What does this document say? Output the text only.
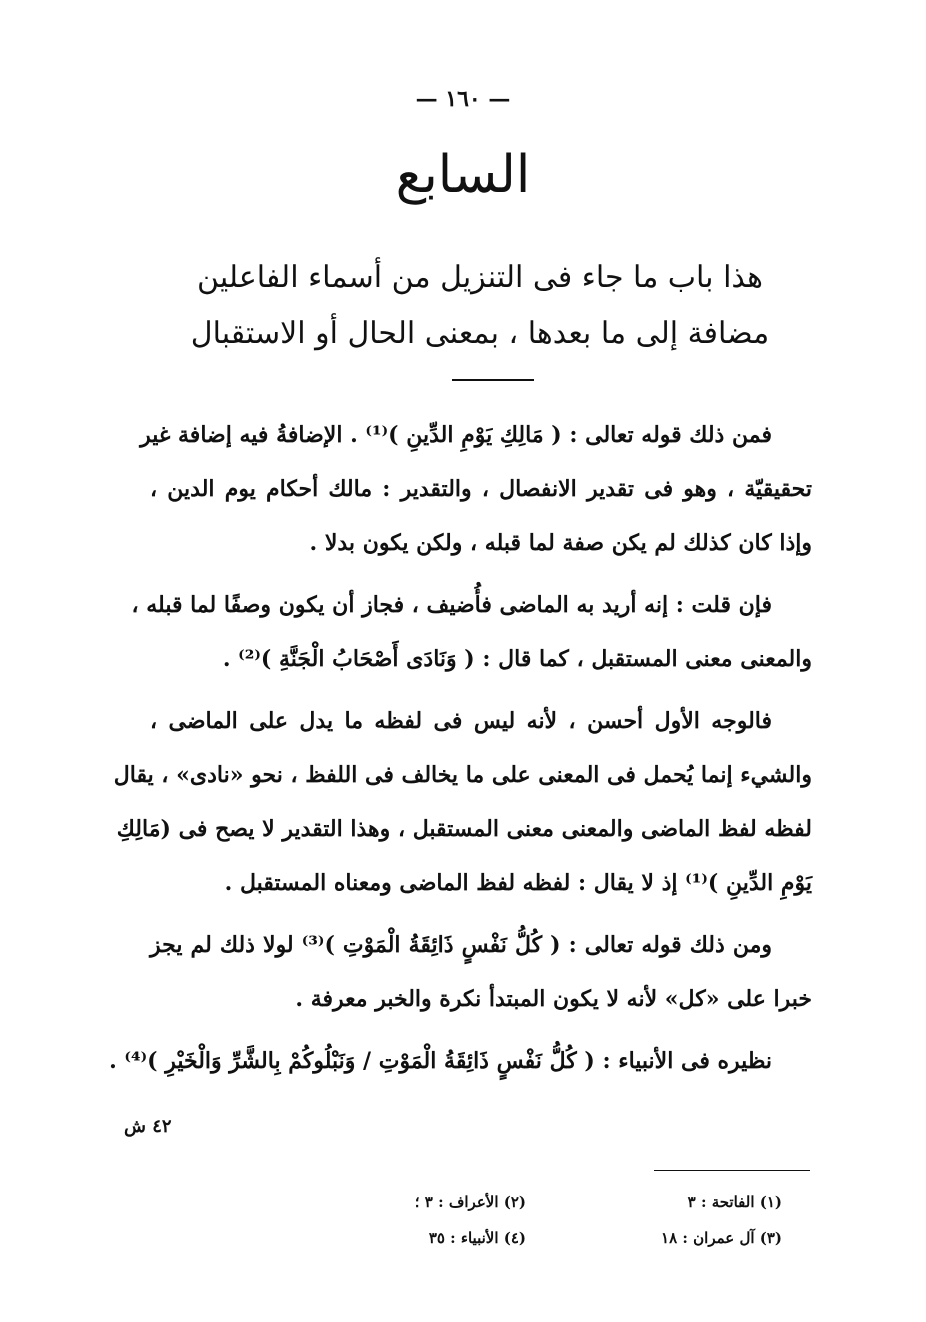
— ١٦٠ —
السابع
هذا باب ما جاء فى التنزيل من أسماء الفاعلين
مضافة إلى ما بعدها ، بمعنى الحال أو الاستقبال

فمن ذلك قوله تعالى : ( مَالِكِ يَوْمِ الدِّينِ )⁽¹⁾ . الإضافةُ فيه إضافة غير
تحقيقيّة ، وهو فى تقدير الانفصال ، والتقدير : مالك أحكام يوم الدين ،
وإذا كان كذلك لم يكن صفة لما قبله ، ولكن يكون بدلا .

فإن قلت : إنه أريد به الماضى فأُضيف ، فجاز أن يكون وصفًا لما قبله ،
والمعنى معنى المستقبل ، كما قال : ( وَنَادَى أَصْحَابُ الْجَنَّةِ )⁽²⁾ .

فالوجه الأول أحسن ، لأنه ليس فى لفظه ما يدل على الماضى ،
والشيء إنما يُحمل فى المعنى على ما يخالف فى اللفظ ، نحو «نادى» ، يقال
لفظه لفظ الماضى والمعنى معنى المستقبل ، وهذا التقدير لا يصح فى (مَالِكِ
يَوْمِ الدِّينِ )⁽¹⁾ إذ لا يقال : لفظه لفظ الماضى ومعناه المستقبل .

ومن ذلك قوله تعالى : ( كُلُّ نَفْسٍ ذَائِقَةُ الْمَوْتِ )⁽³⁾ لولا ذلك لم يجز
خبرا على «كل» لأنه لا يكون المبتدأ نكرة والخبر معرفة .

نظيره فى الأنبياء : ( كُلُّ نَفْسٍ ذَائِقَةُ الْمَوْتِ / وَنَبْلُوكُمْ بِالشَّرِّ وَالْخَيْرِ )⁽⁴⁾ .

٤٢ ش
(١) الفاتحة : ٣
(٢) الأعراف : ٣ ؛
(٣) آل عمران : ١٨
(٤) الأنبياء : ٣٥
